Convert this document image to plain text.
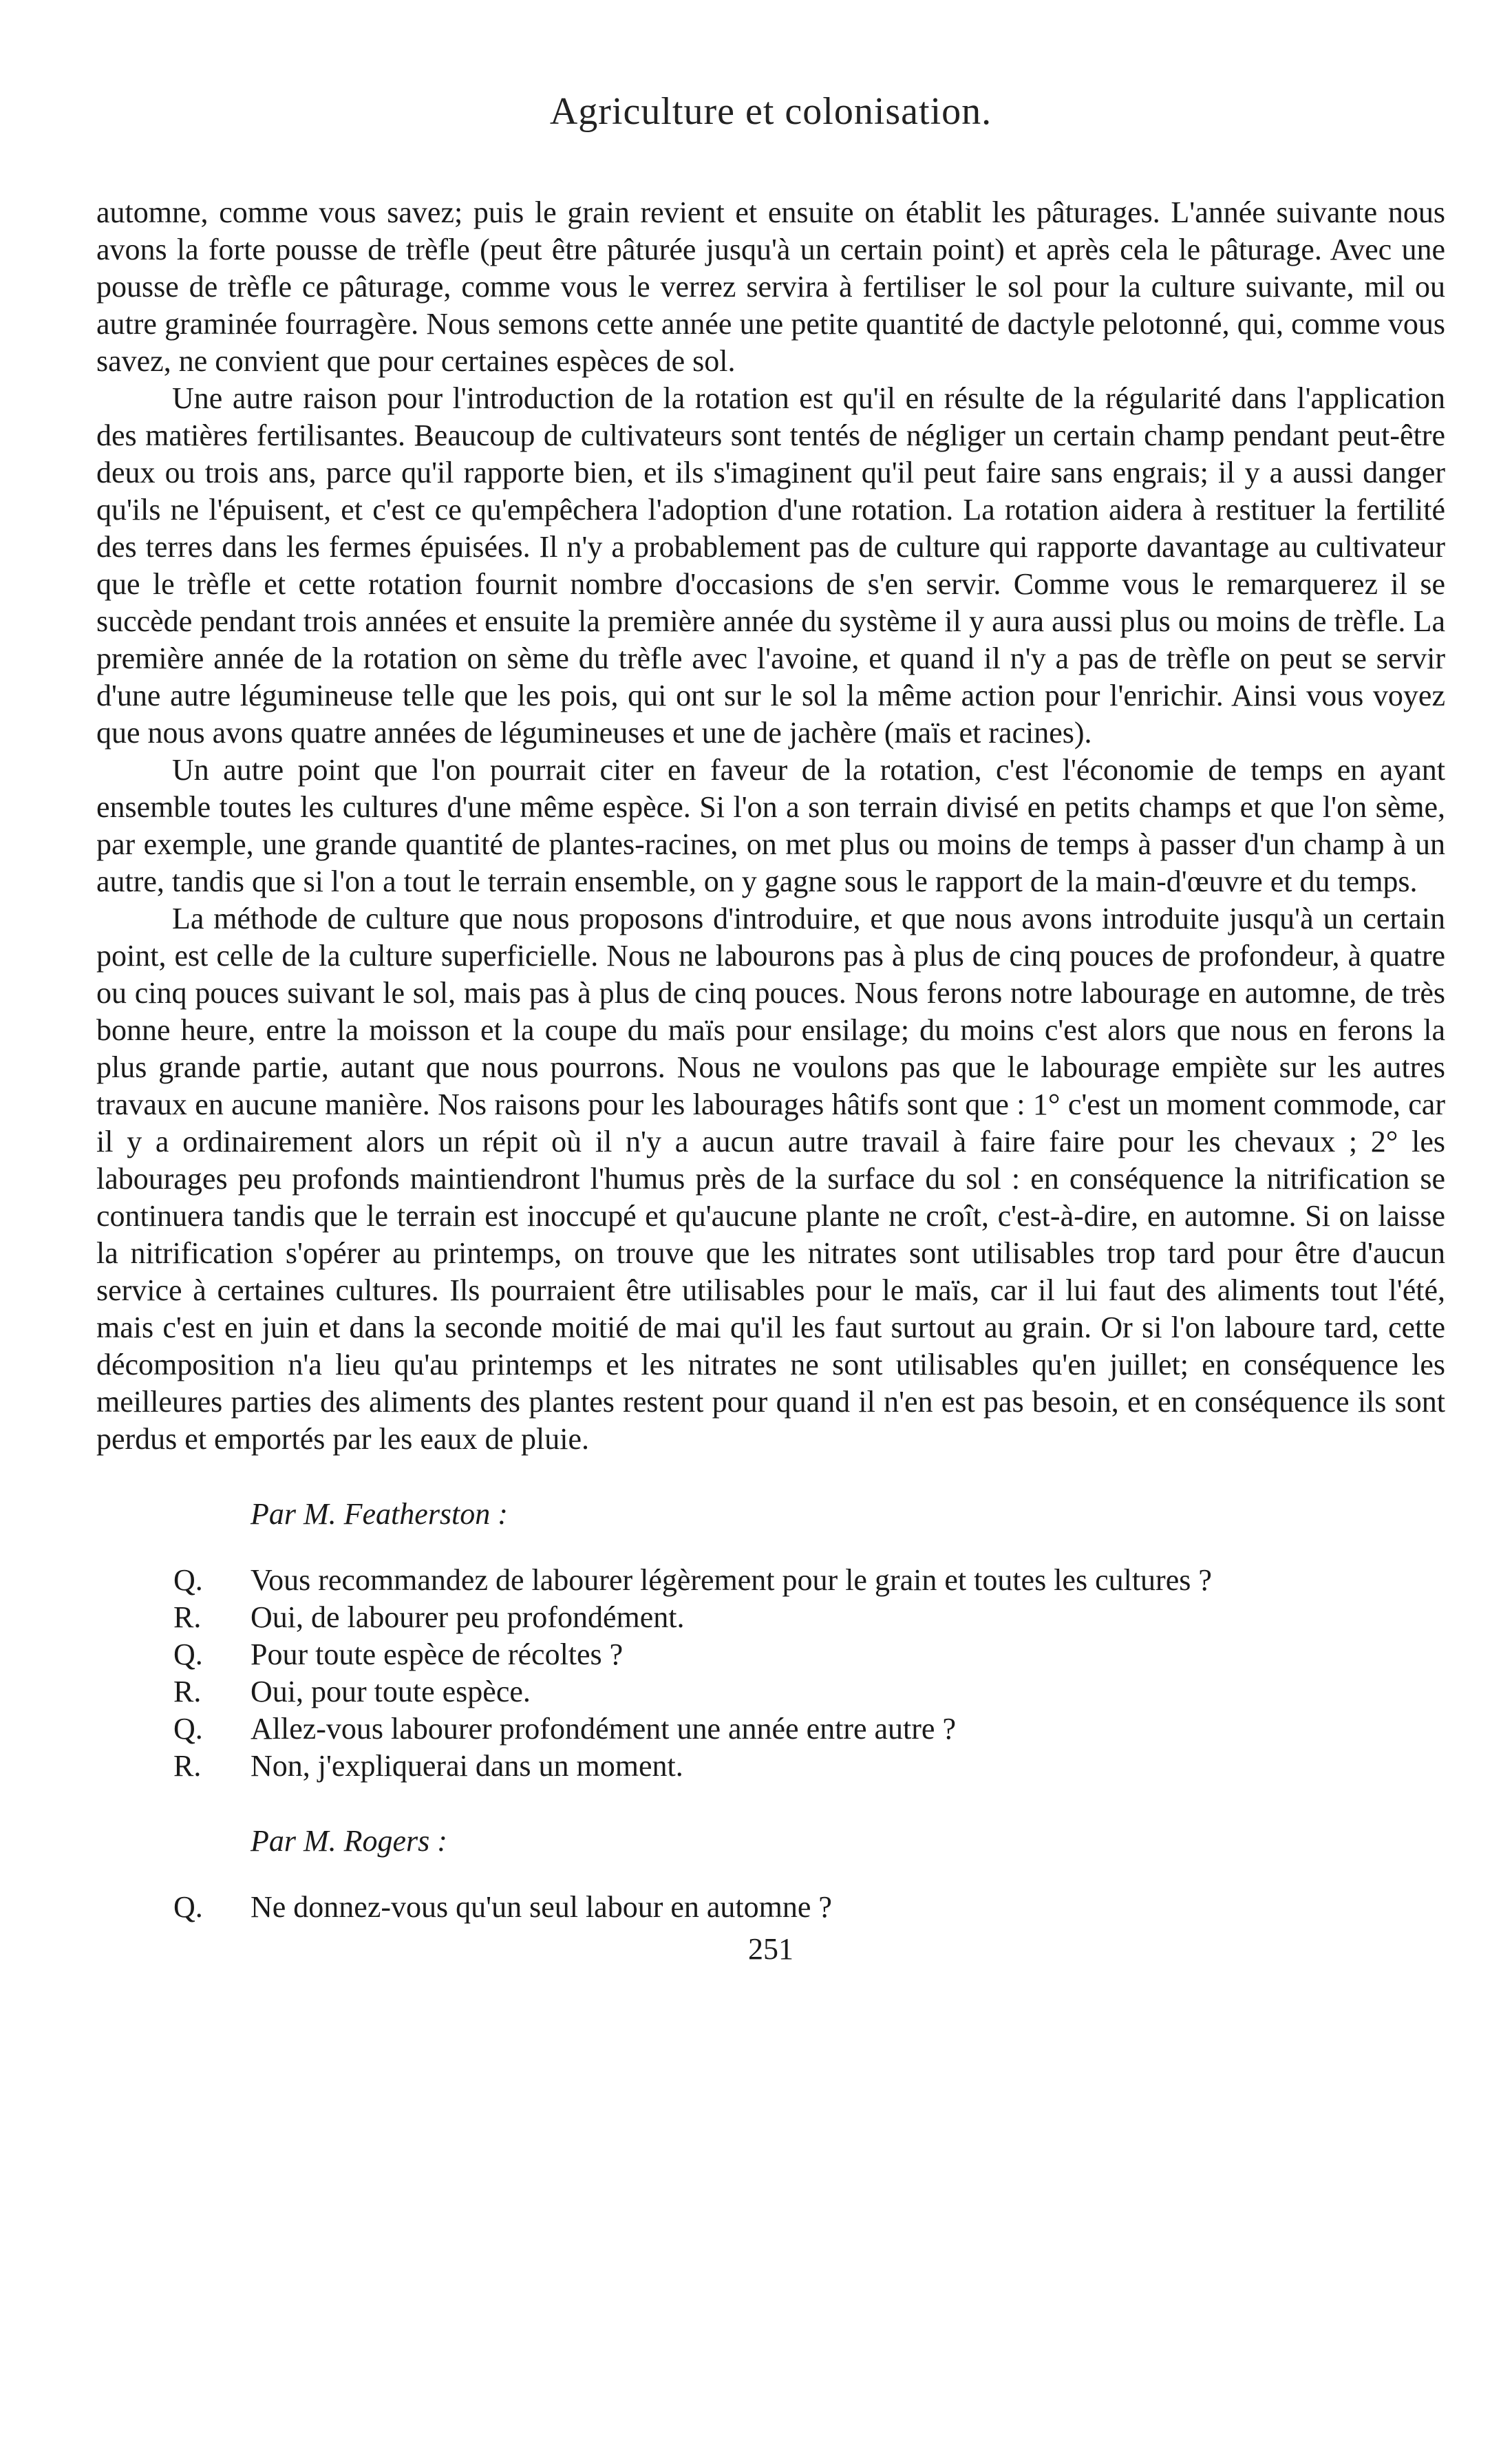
Agriculture et colonisation.

automne, comme vous savez; puis le grain revient et ensuite on établit les pâturages. L'année suivante nous avons la forte pousse de trèfle (peut être pâturée jusqu'à un certain point) et après cela le pâturage. Avec une pousse de trèfle ce pâturage, comme vous le verrez servira à fertiliser le sol pour la culture suivante, mil ou autre graminée fourragère. Nous semons cette année une petite quantité de dactyle pelotonné, qui, comme vous savez, ne convient que pour certaines espèces de sol.

Une autre raison pour l'introduction de la rotation est qu'il en résulte de la régularité dans l'application des matières fertilisantes. Beaucoup de cultivateurs sont tentés de négliger un certain champ pendant peut-être deux ou trois ans, parce qu'il rapporte bien, et ils s'imaginent qu'il peut faire sans engrais; il y a aussi danger qu'ils ne l'épuisent, et c'est ce qu'empêchera l'adoption d'une rotation. La rotation aidera à restituer la fertilité des terres dans les fermes épuisées. Il n'y a probablement pas de culture qui rapporte davantage au cultivateur que le trèfle et cette rotation fournit nombre d'occasions de s'en servir. Comme vous le remarquerez il se succède pendant trois années et ensuite la première année du système il y aura aussi plus ou moins de trèfle. La première année de la rotation on sème du trèfle avec l'avoine, et quand il n'y a pas de trèfle on peut se servir d'une autre légumineuse telle que les pois, qui ont sur le sol la même action pour l'enrichir. Ainsi vous voyez que nous avons quatre années de légumineuses et une de jachère (maïs et racines).

Un autre point que l'on pourrait citer en faveur de la rotation, c'est l'économie de temps en ayant ensemble toutes les cultures d'une même espèce. Si l'on a son terrain divisé en petits champs et que l'on sème, par exemple, une grande quantité de plantes-racines, on met plus ou moins de temps à passer d'un champ à un autre, tandis que si l'on a tout le terrain ensemble, on y gagne sous le rapport de la main-d'œuvre et du temps.

La méthode de culture que nous proposons d'introduire, et que nous avons introduite jusqu'à un certain point, est celle de la culture superficielle. Nous ne labourons pas à plus de cinq pouces de profondeur, à quatre ou cinq pouces suivant le sol, mais pas à plus de cinq pouces. Nous ferons notre labourage en automne, de très bonne heure, entre la moisson et la coupe du maïs pour ensilage; du moins c'est alors que nous en ferons la plus grande partie, autant que nous pourrons. Nous ne voulons pas que le labourage empiète sur les autres travaux en aucune manière. Nos raisons pour les labourages hâtifs sont que : 1° c'est un moment commode, car il y a ordinairement alors un répit où il n'y a aucun autre travail à faire faire pour les chevaux ; 2° les labourages peu profonds maintiendront l'humus près de la surface du sol : en conséquence la nitrification se continuera tandis que le terrain est inoccupé et qu'aucune plante ne croît, c'est-à-dire, en automne. Si on laisse la nitrification s'opérer au printemps, on trouve que les nitrates sont utilisables trop tard pour être d'aucun service à certaines cultures. Ils pourraient être utilisables pour le maïs, car il lui faut des aliments tout l'été, mais c'est en juin et dans la seconde moitié de mai qu'il les faut surtout au grain. Or si l'on laboure tard, cette décomposition n'a lieu qu'au printemps et les nitrates ne sont utilisables qu'en juillet; en conséquence les meilleures parties des aliments des plantes restent pour quand il n'en est pas besoin, et en conséquence ils sont perdus et emportés par les eaux de pluie.

Par M. Featherston :
Q. Vous recommandez de labourer légèrement pour le grain et toutes les cultures ?
R. Oui, de labourer peu profondément.
Q. Pour toute espèce de récoltes ?
R. Oui, pour toute espèce.
Q. Allez-vous labourer profondément une année entre autre ?
R. Non, j'expliquerai dans un moment.
Par M. Rogers :
Q. Ne donnez-vous qu'un seul labour en automne ?
251
